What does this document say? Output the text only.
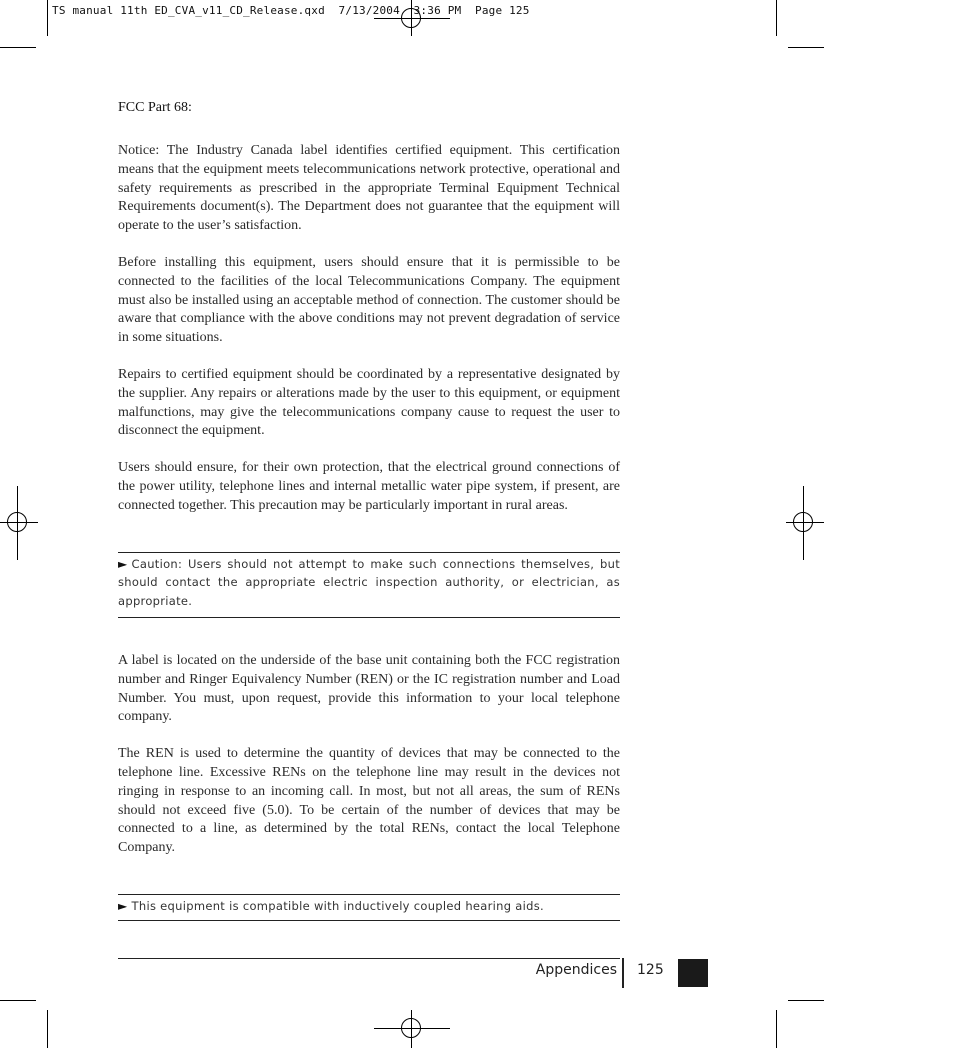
TS manual 11th ED_CVA_v11_CD_Release.qxd  7/13/2004  3:36 PM  Page 125
FCC Part 68:

Notice: The Industry Canada label identifies certified equipment. This certification means that the equipment meets telecommunications network protective, operational and safety requirements as prescribed in the appropriate Terminal Equipment Technical Requirements document(s). The Department does not guarantee that the equipment will operate to the user’s satisfaction.

Before installing this equipment, users should ensure that it is permissible to be connected to the facilities of the local Telecommunications Company. The equipment must also be installed using an acceptable method of connection. The customer should be aware that compliance with the above conditions may not prevent degradation of service in some situations.

Repairs to certified equipment should be coordinated by a representative designated by the supplier. Any repairs or alterations made by the user to this equipment, or equipment malfunctions, may give the telecommunications company cause to request the user to disconnect the equipment.

Users should ensure, for their own protection, that the electrical ground connections of the power utility, telephone lines and internal metallic water pipe system, if present, are connected together. This precaution may be particularly important in rural areas.

► Caution: Users should not attempt to make such connections themselves, but should contact the appropriate electric inspection authority, or electrician, as appropriate.

A label is located on the underside of the base unit containing both the FCC registration number and Ringer Equivalency Number (REN) or the IC registration number and Load Number. You must, upon request, provide this information to your local telephone company.

The REN is used to determine the quantity of devices that may be connected to the telephone line. Excessive RENs on the telephone line may result in the devices not ringing in response to an incoming call. In most, but not all areas, the sum of RENs should not exceed five (5.0). To be certain of the number of devices that may be connected to a line, as determined by the total RENs, contact the local Telephone Company.

► This equipment is compatible with inductively coupled hearing aids.
Appendices 125
